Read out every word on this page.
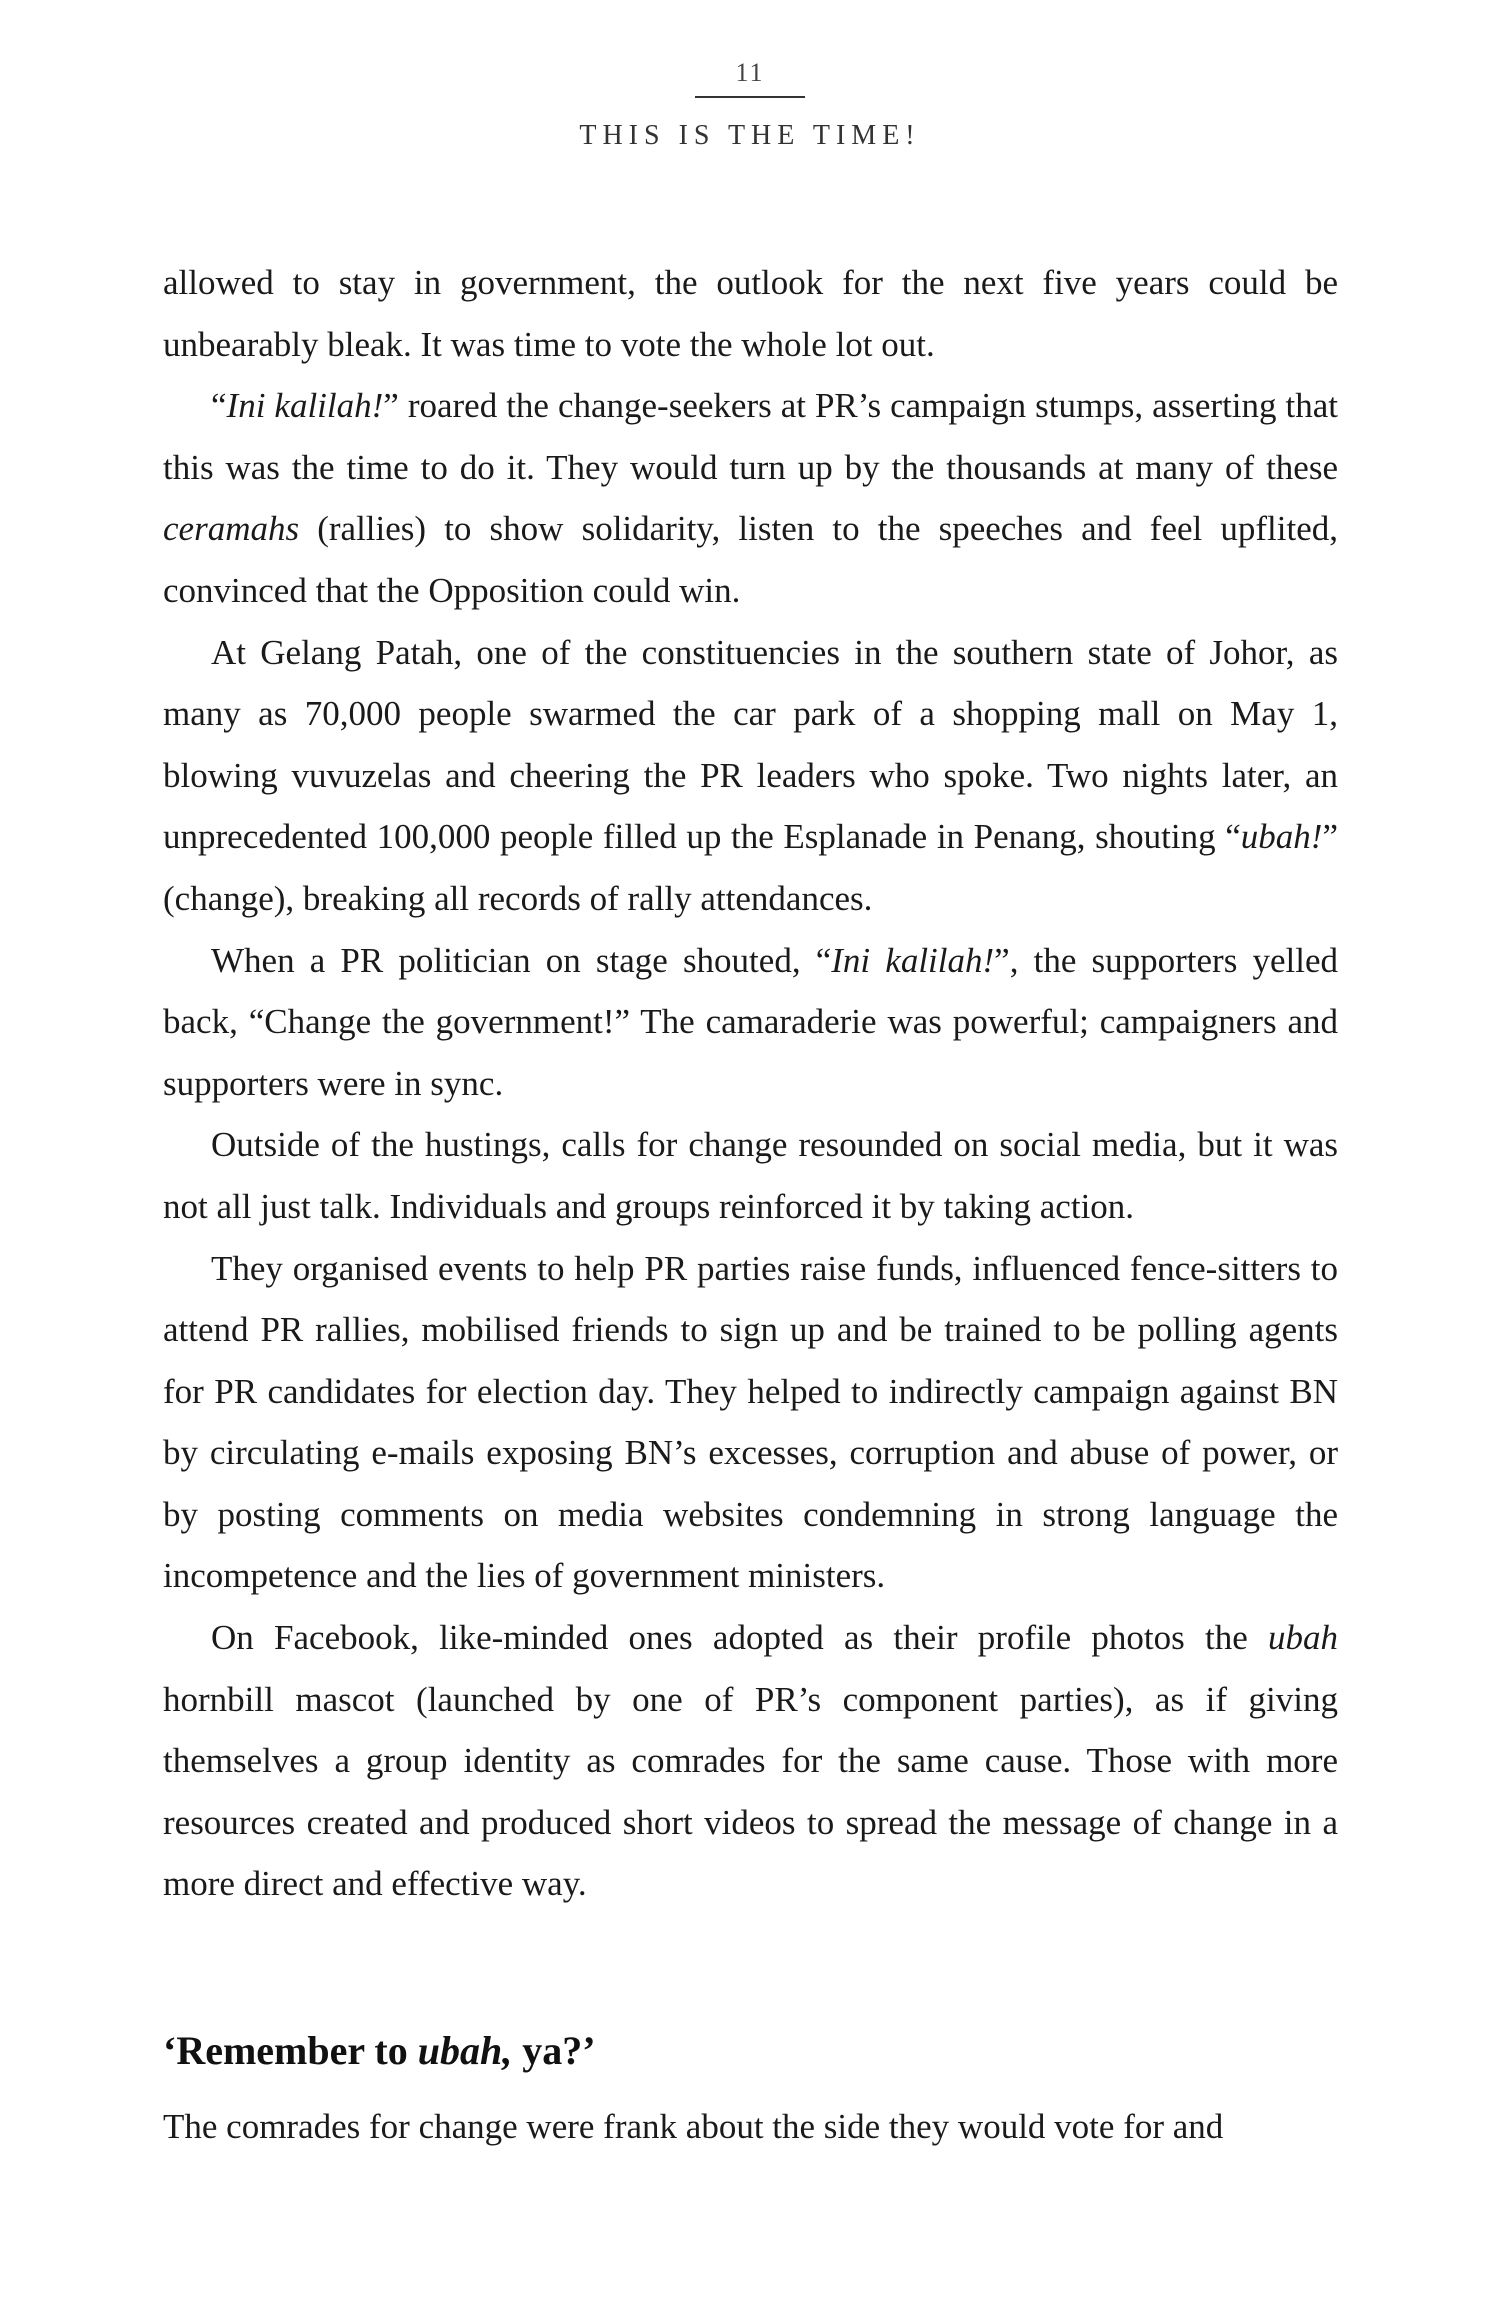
11
THIS IS THE TIME!

allowed to stay in government, the outlook for the next five years could be unbearably bleak. It was time to vote the whole lot out.

“Ini kalilah!” roared the change-seekers at PR’s campaign stumps, asserting that this was the time to do it. They would turn up by the thousands at many of these ceramahs (rallies) to show solidarity, listen to the speeches and feel upflited, convinced that the Opposition could win.

At Gelang Patah, one of the constituencies in the southern state of Johor, as many as 70,000 people swarmed the car park of a shopping mall on May 1, blowing vuvuzelas and cheering the PR leaders who spoke. Two nights later, an unprecedented 100,000 people filled up the Esplanade in Penang, shouting “ubah!” (change), breaking all records of rally attendances.

When a PR politician on stage shouted, “Ini kalilah!”, the supporters yelled back, “Change the government!” The camaraderie was powerful; campaigners and supporters were in sync.

Outside of the hustings, calls for change resounded on social media, but it was not all just talk. Individuals and groups reinforced it by taking action.

They organised events to help PR parties raise funds, influenced fence-sitters to attend PR rallies, mobilised friends to sign up and be trained to be polling agents for PR candidates for election day. They helped to indirectly campaign against BN by circulating e-mails exposing BN’s excesses, corruption and abuse of power, or by posting comments on media websites condemning in strong language the incompetence and the lies of government ministers.

On Facebook, like-minded ones adopted as their profile photos the ubah hornbill mascot (launched by one of PR’s component parties), as if giving themselves a group identity as comrades for the same cause. Those with more resources created and produced short videos to spread the message of change in a more direct and effective way.

‘Remember to ubah, ya?’
The comrades for change were frank about the side they would vote for and
